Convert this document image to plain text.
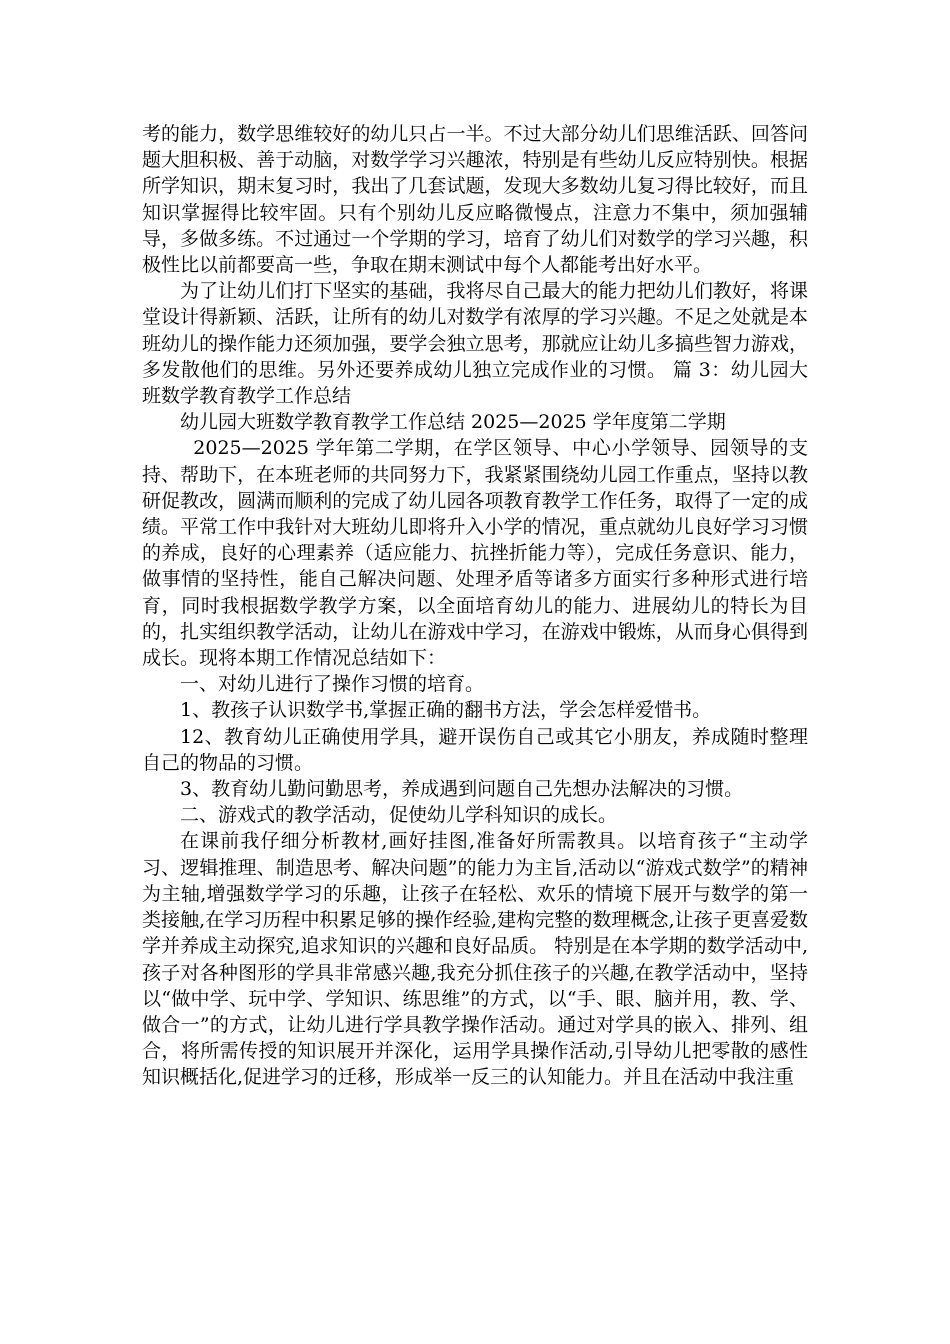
考的能力，数学思维较好的幼儿只占一半。不过大部分幼儿们思维活跃、回答问题大胆积极、善于动脑，对数学学习兴趣浓，特别是有些幼儿反应特别快。根据所学知识，期末复习时，我出了几套试题，发现大多数幼儿复习得比较好，而且知识掌握得比较牢固。只有个别幼儿反应略微慢点，注意力不集中，须加强辅导，多做多练。不过通过一个学期的学习，培育了幼儿们对数学的学习兴趣，积极性比以前都要高一些，争取在期末测试中每个人都能考出好水平。

为了让幼儿们打下坚实的基础，我将尽自己最大的能力把幼儿们教好，将课堂设计得新颖、活跃，让所有的幼儿对数学有浓厚的学习兴趣。不足之处就是本班幼儿的操作能力还须加强，要学会独立思考，那就应让幼儿多搞些智力游戏，多发散他们的思维。另外还要养成幼儿独立完成作业的习惯。 篇 3：幼儿园大班数学教育教学工作总结

幼儿园大班数学教育教学工作总结 2025—2025 学年度第二学期

2025—2025 学年第二学期，在学区领导、中心小学领导、园领导的支持、帮助下，在本班老师的共同努力下，我紧紧围绕幼儿园工作重点，坚持以教研促教改，圆满而顺利的完成了幼儿园各项教育教学工作任务，取得了一定的成绩。平常工作中我针对大班幼儿即将升入小学的情况，重点就幼儿良好学习习惯的养成，良好的心理素养（适应能力、抗挫折能力等），完成任务意识、能力，做事情的坚持性，能自己解决问题、处理矛盾等诸多方面实行多种形式进行培育，同时我根据数学教学方案，以全面培育幼儿的能力、进展幼儿的特长为目的，扎实组织教学活动，让幼儿在游戏中学习，在游戏中锻炼，从而身心俱得到成长。现将本期工作情况总结如下：

一、对幼儿进行了操作习惯的培育。

1、教孩子认识数学书,掌握正确的翻书方法，学会怎样爱惜书。

12、教育幼儿正确使用学具，避开误伤自己或其它小朋友，养成随时整理自己的物品的习惯。

3、教育幼儿勤问勤思考，养成遇到问题自己先想办法解决的习惯。

二、游戏式的教学活动，促使幼儿学科知识的成长。

在课前我仔细分析教材,画好挂图,准备好所需教具。以培育孩子“主动学习、逻辑推理、制造思考、解决问题”的能力为主旨,活动以“游戏式数学”的精神为主轴,增强数学学习的乐趣，让孩子在轻松、欢乐的情境下展开与数学的第一类接触,在学习历程中积累足够的操作经验,建构完整的数理概念,让孩子更喜爱数学并养成主动探究,追求知识的兴趣和良好品质。 特别是在本学期的数学活动中,孩子对各种图形的学具非常感兴趣,我充分抓住孩子的兴趣,在教学活动中，坚持以“做中学、玩中学、学知识、练思维”的方式，以“手、眼、脑并用，教、学、做合一”的方式，让幼儿进行学具教学操作活动。通过对学具的嵌入、排列、组合，将所需传授的知识展开并深化，运用学具操作活动,引导幼儿把零散的感性知识概括化,促进学习的迁移，形成举一反三的认知能力。并且在活动中我注重
